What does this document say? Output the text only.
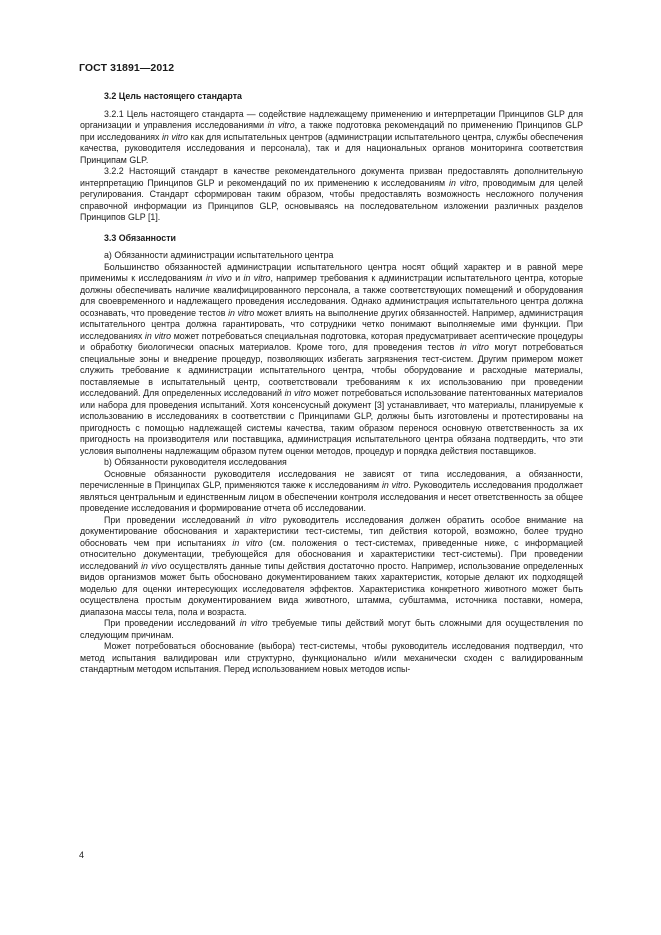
ГОСТ 31891—2012

3.2 Цель настоящего стандарта

3.2.1 Цель настоящего стандарта — содействие надлежащему применению и интерпретации Принципов GLP для организации и управления исследованиями in vitro, а также подготовка рекомендаций по применению Принципов GLP при исследованиях in vitro как для испытательных центров (администрации испытательного центра, службы обеспечения качества, руководителя исследования и персонала), так и для национальных органов мониторинга соответствия Принципам GLP.

3.2.2 Настоящий стандарт в качестве рекомендательного документа призван предоставлять дополнительную интерпретацию Принципов GLP и рекомендаций по их применению к исследованиям in vitro, проводимым для целей регулирования. Стандарт сформирован таким образом, чтобы предоставлять возможность несложного получения справочной информации из Принципов GLP, основываясь на последовательном изложении различных разделов Принципов GLP [1].

3.3 Обязанности

a) Обязанности администрации испытательного центра

Большинство обязанностей администрации испытательного центра носят общий характер и в равной мере применимы к исследованиям in vivo и in vitro, например требования к администрации испытательного центра, которые должны обеспечивать наличие квалифицированного персонала, а также соответствующих помещений и оборудования для своевременного и надлежащего проведения исследования. Однако администрация испытательного центра должна осознавать, что проведение тестов in vitro может влиять на выполнение других обязанностей. Например, администрация испытательного центра должна гарантировать, что сотрудники четко понимают выполняемые ими функции. При исследованиях in vitro может потребоваться специальная подготовка, которая предусматривает асептические процедуры и обработку биологически опасных материалов. Кроме того, для проведения тестов in vitro могут потребоваться специальные зоны и внедрение процедур, позволяющих избегать загрязнения тест-систем. Другим примером может служить требование к администрации испытательного центра, чтобы оборудование и расходные материалы, поставляемые в испытательный центр, соответствовали требованиям к их использованию при проведении исследований. Для определенных исследований in vitro может потребоваться использование патентованных материалов или набора для проведения испытаний. Хотя консенсусный документ [3] устанавливает, что материалы, планируемые к использованию в исследованиях в соответствии с Принципами GLP, должны быть изготовлены и протестированы на пригодность с помощью надлежащей системы качества, таким образом перенося основную ответственность за их пригодность на производителя или поставщика, администрация испытательного центра обязана подтвердить, что эти условия выполнены надлежащим образом путем оценки методов, процедур и порядка действия поставщиков.

b) Обязанности руководителя исследования

Основные обязанности руководителя исследования не зависят от типа исследования, а обязанности, перечисленные в Принципах GLP, применяются также к исследованиям in vitro. Руководитель исследования продолжает являться центральным и единственным лицом в обеспечении контроля исследования и несет ответственность за общее проведение исследования и формирование отчета об исследовании.

При проведении исследований in vitro руководитель исследования должен обратить особое внимание на документирование обоснования и характеристики тест-системы, тип действия которой, возможно, более трудно обосновать чем при испытаниях in vitro (см. положения о тест-системах, приведенные ниже, с информацией относительно документации, требующейся для обоснования и характеристики тест-системы). При проведении исследований in vivo осуществлять данные типы действия достаточно просто. Например, использование определенных видов организмов может быть обосновано документированием таких характеристик, которые делают их подходящей моделью для оценки интересующих исследователя эффектов. Характеристика конкретного животного может быть осуществлена простым документированием вида животного, штамма, субштамма, источника поставки, номера, диапазона массы тела, пола и возраста.

При проведении исследований in vitro требуемые типы действий могут быть сложными для осуществления по следующим причинам.

Может потребоваться обоснование (выбора) тест-системы, чтобы руководитель исследования подтвердил, что метод испытания валидирован или структурно, функционально и/или механически сходен с валидированным стандартным методом испытания. Перед использованием новых методов испы-

4
